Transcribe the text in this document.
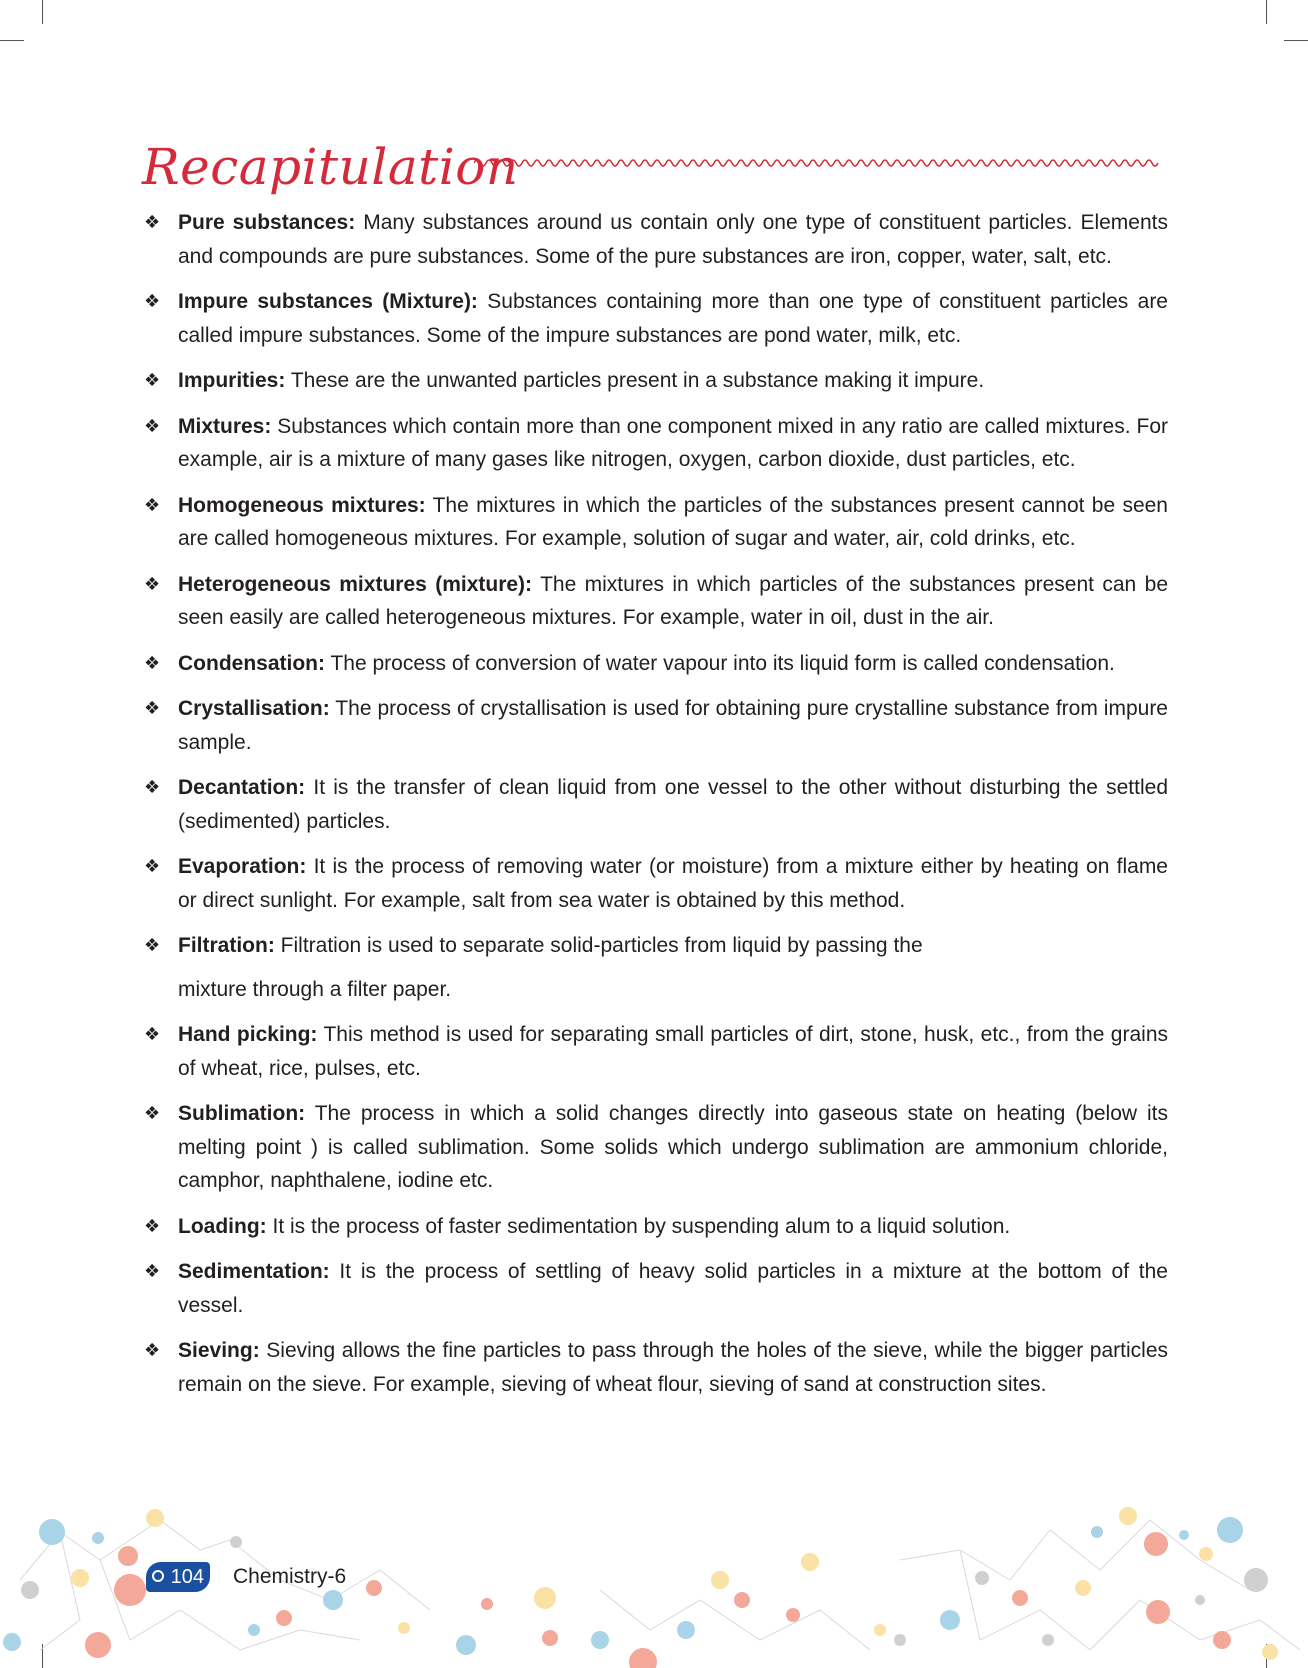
Recapitulation
❖ Pure substances: Many substances around us contain only one type of constituent particles. Elements and compounds are pure substances. Some of the pure substances are iron, copper, water, salt, etc.
❖ Impure substances (Mixture): Substances containing more than one type of constituent particles are called impure substances. Some of the impure substances are pond water, milk, etc.
❖ Impurities: These are the unwanted particles present in a substance making it impure.
❖ Mixtures: Substances which contain more than one component mixed in any ratio are called mixtures. For example, air is a mixture of many gases like nitrogen, oxygen, carbon dioxide, dust particles, etc.
❖ Homogeneous mixtures: The mixtures in which the particles of the substances present cannot be seen are called homogeneous mixtures. For example, solution of sugar and water, air, cold drinks, etc.
❖ Heterogeneous mixtures (mixture): The mixtures in which particles of the substances present can be seen easily are called heterogeneous mixtures. For example, water in oil, dust in the air.
❖ Condensation: The process of conversion of water vapour into its liquid form is called condensation.
❖ Crystallisation: The process of crystallisation is used for obtaining pure crystalline substance from impure sample.
❖ Decantation: It is the transfer of clean liquid from one vessel to the other without disturbing the settled (sedimented) particles.
❖ Evaporation: It is the process of removing water (or moisture) from a mixture either by heating on flame or direct sunlight. For example, salt from sea water is obtained by this method.
❖ Filtration: Filtration is used to separate solid-particles from liquid by passing the
mixture through a filter paper.
❖ Hand picking: This method is used for separating small particles of dirt, stone, husk, etc., from the grains of wheat, rice, pulses, etc.
❖ Sublimation: The process in which a solid changes directly into gaseous state on heating (below its melting point ) is called sublimation. Some solids which undergo sublimation are ammonium chloride, camphor, naphthalene, iodine etc.
❖ Loading: It is the process of faster sedimentation by suspending alum to a liquid solution.
❖ Sedimentation: It is the process of settling of heavy solid particles in a mixture at the bottom of the vessel.
❖ Sieving: Sieving allows the fine particles to pass through the holes of the sieve, while the bigger particles remain on the sieve. For example, sieving of wheat flour, sieving of sand at construction sites.
104 Chemistry-6
